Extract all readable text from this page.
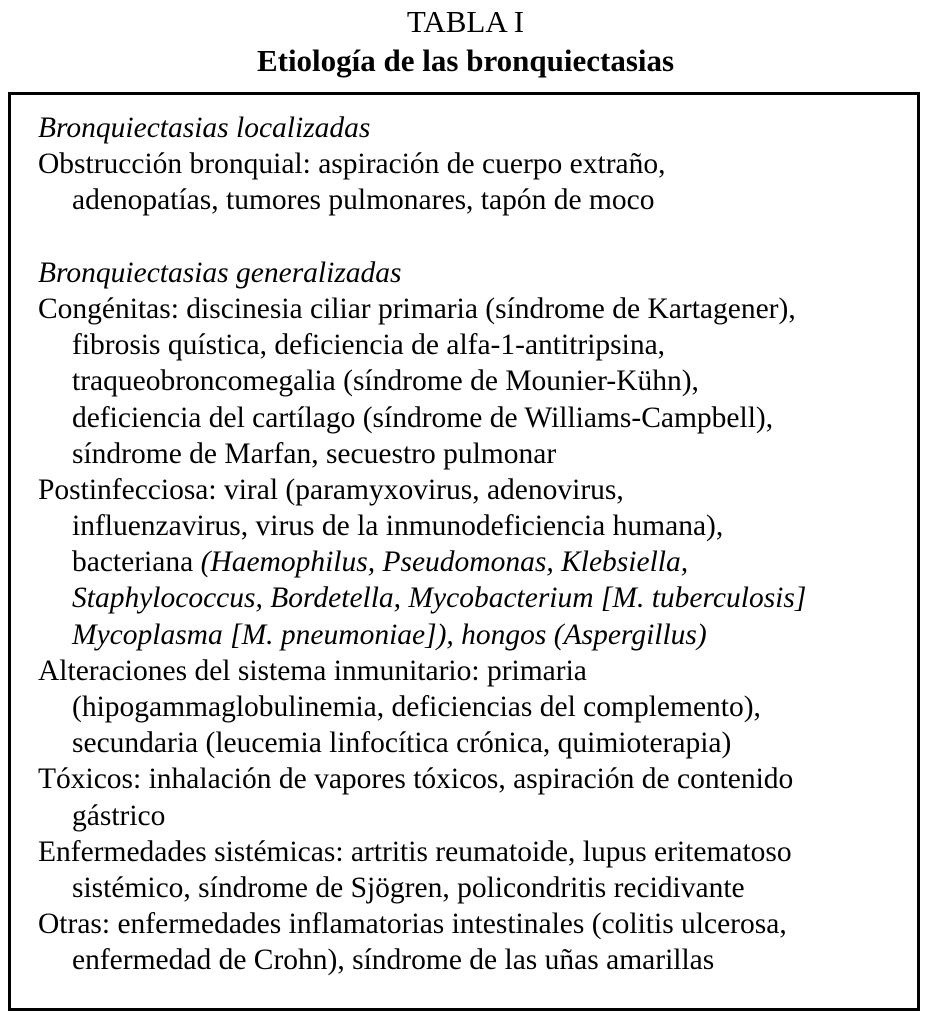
TABLA I
Etiología de las bronquiectasias
Bronquiectasias localizadas
Obstrucción bronquial: aspiración de cuerpo extraño,
adenopatías, tumores pulmonares, tapón de moco
Bronquiectasias generalizadas
Congénitas: discinesia ciliar primaria (síndrome de Kartagener),
fibrosis quística, deficiencia de alfa-1-antitripsina,
traqueobroncomegalia (síndrome de Mounier-Kühn),
deficiencia del cartílago (síndrome de Williams-Campbell),
síndrome de Marfan, secuestro pulmonar
Postinfecciosa: viral (paramyxovirus, adenovirus,
influenzavirus, virus de la inmunodeficiencia humana),
bacteriana (Haemophilus, Pseudomonas, Klebsiella,
Staphylococcus, Bordetella, Mycobacterium [M. tuberculosis]
Mycoplasma [M. pneumoniae]), hongos (Aspergillus)
Alteraciones del sistema inmunitario: primaria
(hipogammaglobulinemia, deficiencias del complemento),
secundaria (leucemia linfocítica crónica, quimioterapia)
Tóxicos: inhalación de vapores tóxicos, aspiración de contenido
gástrico
Enfermedades sistémicas: artritis reumatoide, lupus eritematoso
sistémico, síndrome de Sjögren, policondritis recidivante
Otras: enfermedades inflamatorias intestinales (colitis ulcerosa,
enfermedad de Crohn), síndrome de las uñas amarillas
